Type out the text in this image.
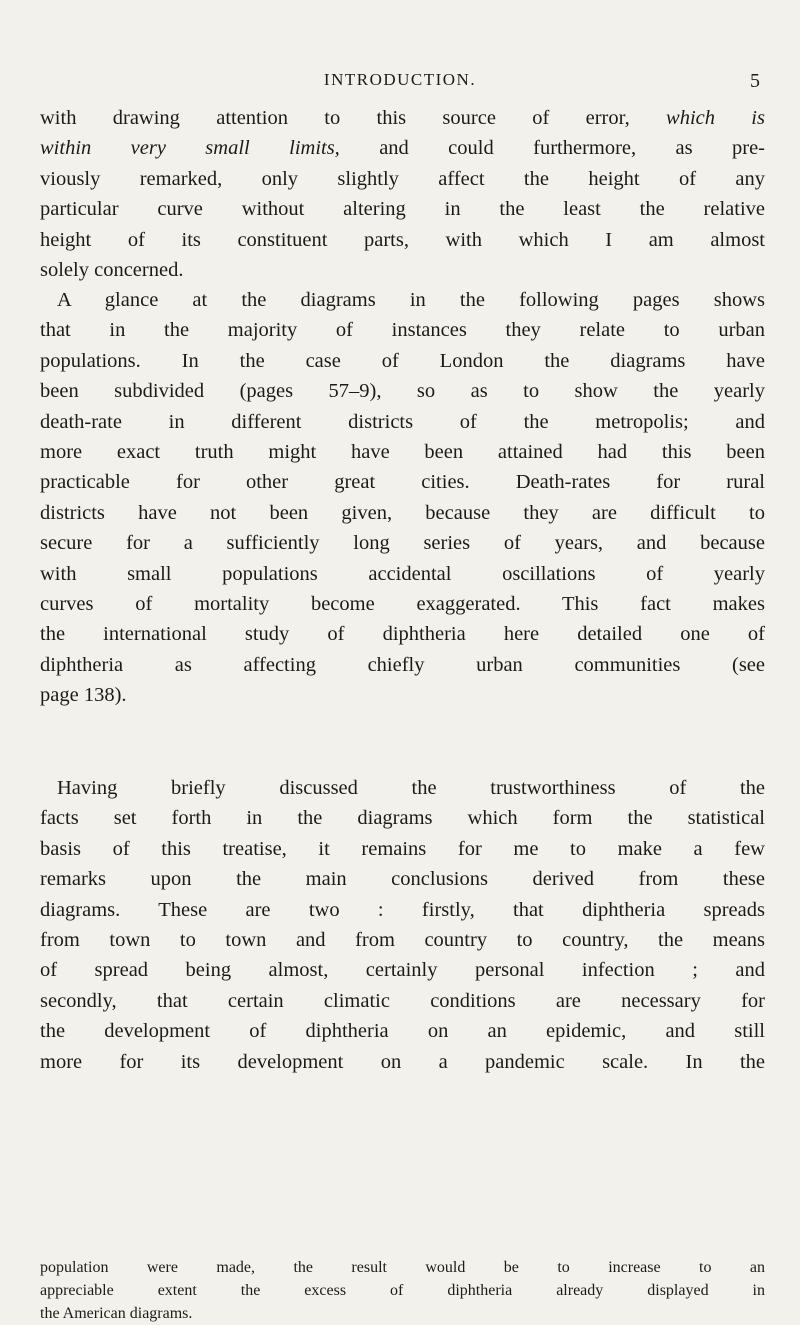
INTRODUCTION.	5
with drawing attention to this source of error, which is
within very small limits, and could furthermore, as pre-
viously remarked, only slightly affect the height of any
particular curve without altering in the least the relative
height of its constituent parts, with which I am almost
solely concerned.
A glance at the diagrams in the following pages shows
that in the majority of instances they relate to urban
populations. In the case of London the diagrams have
been subdivided (pages 57–9), so as to show the yearly
death-rate in different districts of the metropolis; and
more exact truth might have been attained had this been
practicable for other great cities. Death-rates for rural
districts have not been given, because they are difficult to
secure for a sufficiently long series of years, and because
with small populations accidental oscillations of yearly
curves of mortality become exaggerated. This fact makes
the international study of diphtheria here detailed one of
diphtheria as affecting chiefly urban communities (see
page 138).
Having briefly discussed the trustworthiness of the
facts set forth in the diagrams which form the statistical
basis of this treatise, it remains for me to make a few
remarks upon the main conclusions derived from these
diagrams. These are two : firstly, that diphtheria spreads
from town to town and from country to country, the means
of spread being almost, certainly personal infection ; and
secondly, that certain climatic conditions are necessary for
the development of diphtheria on an epidemic, and still
more for its development on a pandemic scale. In the
population were made, the result would be to increase to an
appreciable extent the excess of diphtheria already displayed in
the American diagrams.
